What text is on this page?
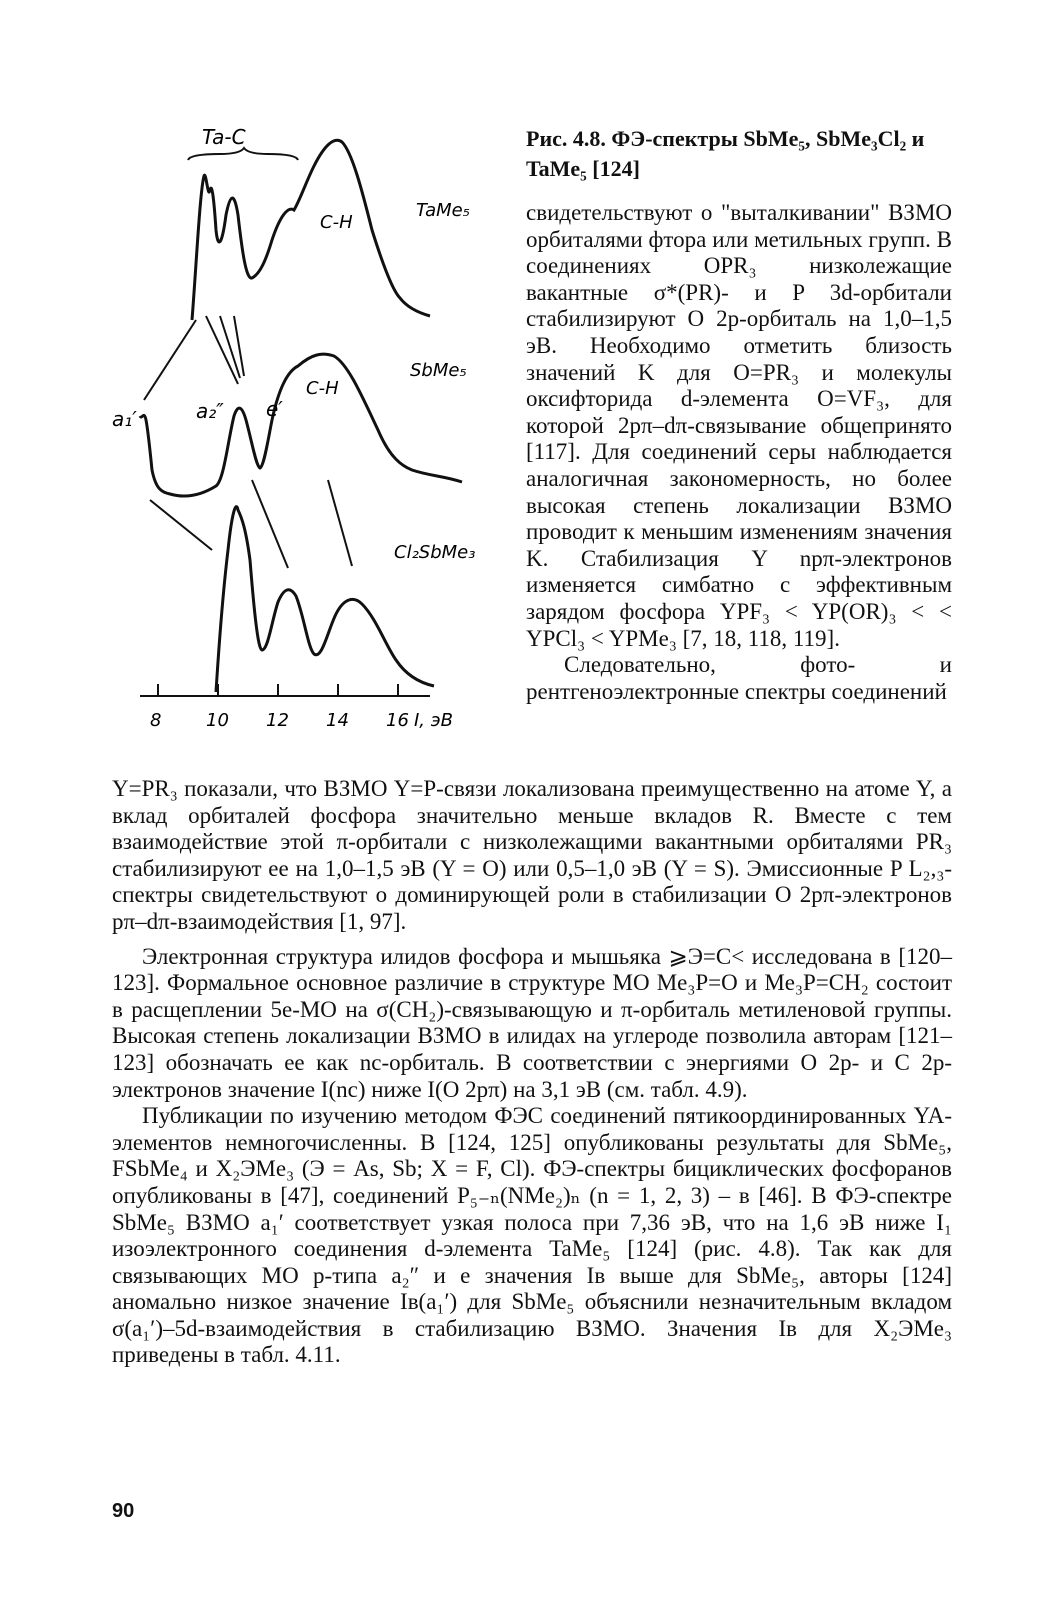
Ta-C
C-H
TaMe₅
a₁′	a₂″ e′
C-H
SbMe₅
Cl₂SbMe₃
8 10 12 14 16 I, эВ
Рис. 4.8. ФЭ-спектры SbMe₅, SbMe₃Cl₂ и TaMe₅ [124]

свидетельствуют о "выталкивании" ВЗМО орбиталями фтора или метильных групп. В соединениях OPR₃ низколежащие вакантные σ*(PR)- и P 3d-орбитали стабилизируют O 2p-орбиталь на 1,0–1,5 эВ. Необходимо отметить близость значений K для O=PR₃ и молекулы оксифторида d-элемента O=VF₃, для которой 2pπ–dπ-связывание общепринято [117]. Для соединений серы наблюдается аналогичная закономерность, но более высокая степень локализации ВЗМО проводит к меньшим изменениям значения K. Стабилизация Y npπ-электронов изменяется симбатно с эффективным зарядом фосфора YPF₃ < YP(OR)₃ < < YPCl₃ < YPMe₃ [7, 18, 118, 119].

Следовательно, фото- и рентгеноэлектронные спектры соединений

Y=PR₃ показали, что ВЗМО Y=P-связи локализована преимущественно на атоме Y, а вклад орбиталей фосфора значительно меньше вкладов R. Вместе с тем взаимодействие этой π-орбитали с низколежащими вакантными орбиталями PR₃ стабилизируют ее на 1,0–1,5 эВ (Y = O) или 0,5–1,0 эВ (Y = S). Эмиссионные P L₂,₃-спектры свидетельствуют о доминирующей роли в стабилизации O 2pπ-электронов pπ–dπ-взаимодействия [1, 97].

Электронная структура илидов фосфора и мышьяка ⩾Э=C< исследована в [120–123]. Формальное основное различие в структуре МО Me₃P=O и Me₃P=CH₂ состоит в расщеплении 5e-МО на σ(CH₂)-связывающую и π-орбиталь метиленовой группы. Высокая степень локализации ВЗМО в илидах на углероде позволила авторам [121–123] обозначать ее как nc-орбиталь. В соответствии с энергиями O 2p- и C 2p-электронов значение I(nc) ниже I(O 2pπ) на 3,1 эВ (см. табл. 4.9).

Публикации по изучению методом ФЭС соединений пятикоординированных YA-элементов немногочисленны. В [124, 125] опубликованы результаты для SbMe₅, FSbMe₄ и X₂ЭMe₃ (Э = As, Sb; X = F, Cl). ФЭ-спектры бициклических фосфоранов опубликованы в [47], соединений P₅₋ₙ(NMe₂)ₙ (n = 1, 2, 3) – в [46]. В ФЭ-спектре SbMe₅ ВЗМО a₁′ соответствует узкая полоса при 7,36 эВ, что на 1,6 эВ ниже I₁ изоэлектронного соединения d-элемента TaMe₅ [124] (рис. 4.8). Так как для связывающих МО p-типа a₂″ и e значения Iв выше для SbMe₅, авторы [124] аномально низкое значение Iв(a₁′) для SbMe₅ объяснили незначительным вкладом σ(a₁′)–5d-взаимодействия в стабилизацию ВЗМО. Значения Iв для X₂ЭMe₃ приведены в табл. 4.11.

90
